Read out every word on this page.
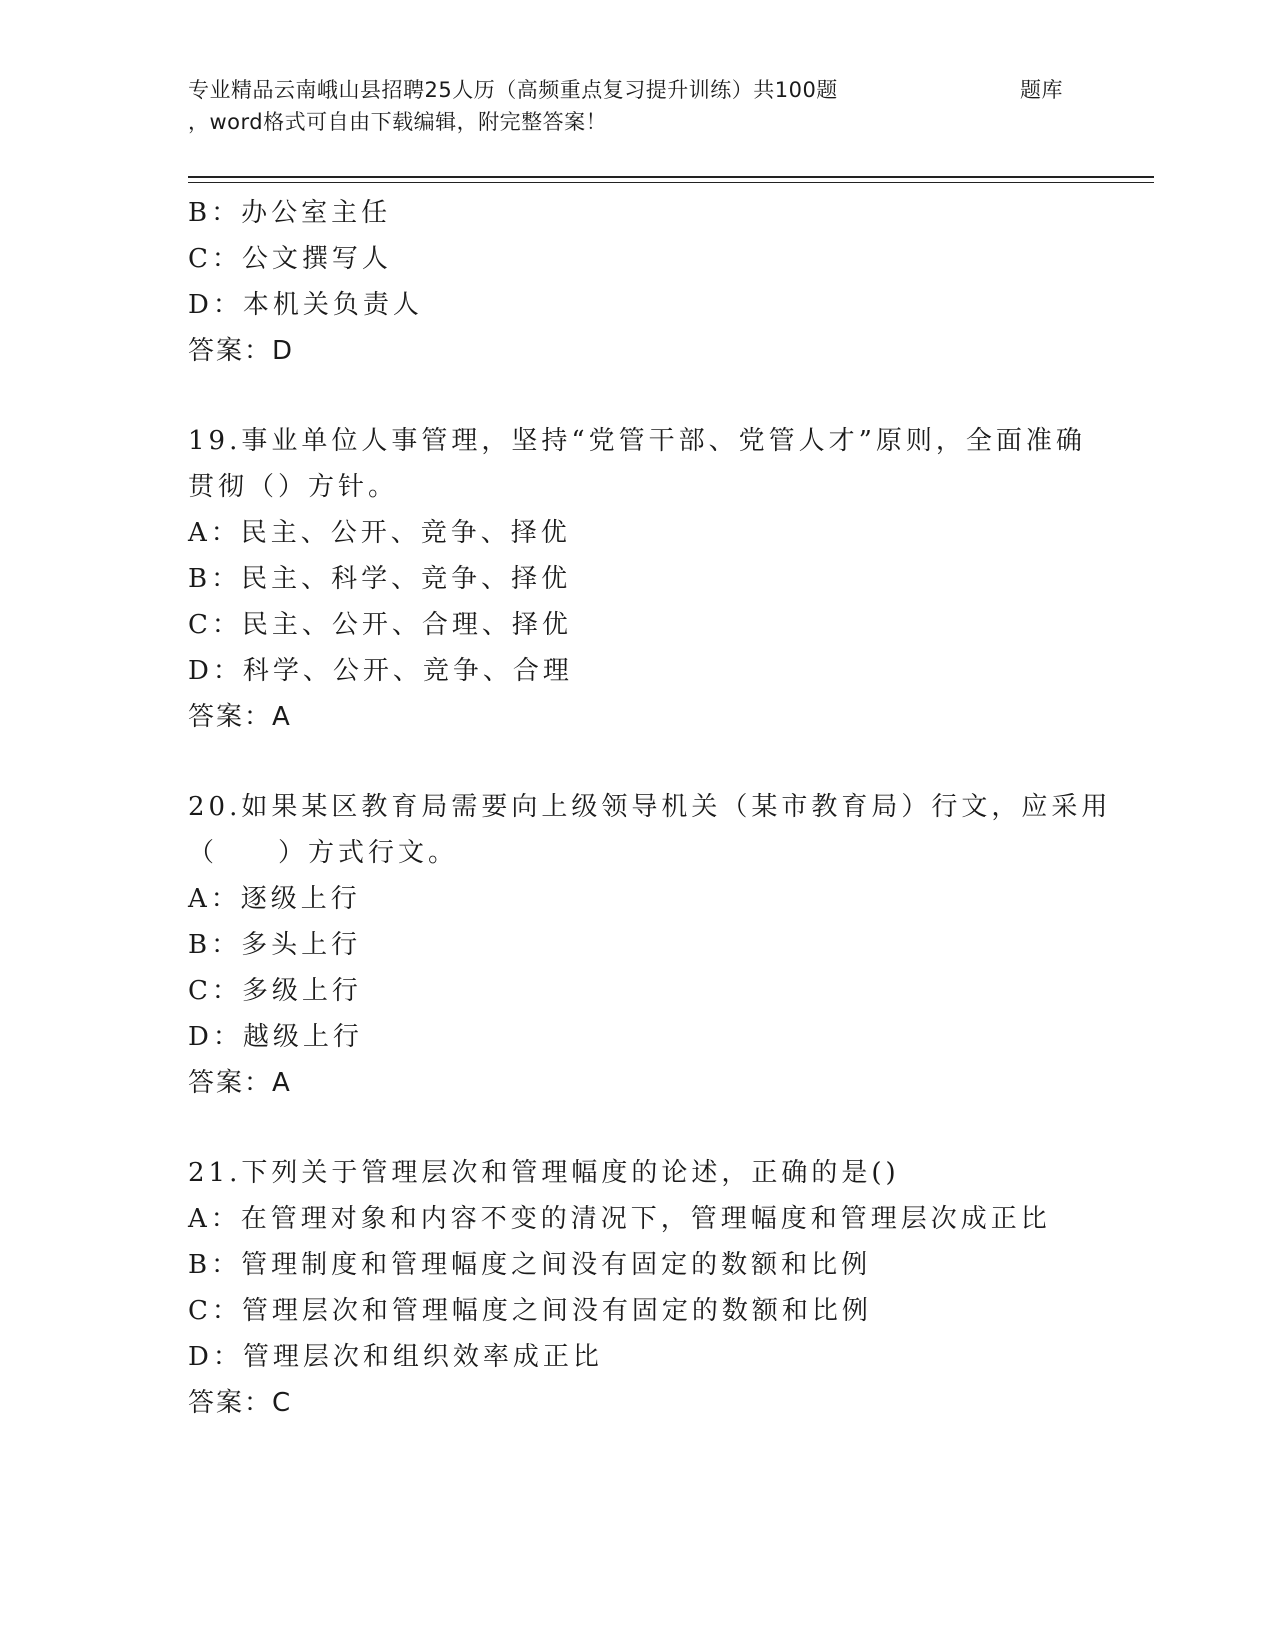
专业精品云南峨山县招聘25人历（高频重点复习提升训练）共100题	题库
，word格式可自由下载编辑，附完整答案！
B：办公室主任
C：公文撰写人
D：本机关负责人
答案：D
19.事业单位人事管理，坚持“党管干部、党管人才”原则，全面准确
贯彻（）方针。
A：民主、公开、竞争、择优
B：民主、科学、竞争、择优
C：民主、公开、合理、择优
D：科学、公开、竞争、合理
答案：A
20.如果某区教育局需要向上级领导机关（某市教育局）行文，应采用
（　　）方式行文。
A：逐级上行
B：多头上行
C：多级上行
D：越级上行
答案：A
21.下列关于管理层次和管理幅度的论述，正确的是()
A：在管理对象和内容不变的清况下，管理幅度和管理层次成正比
B：管理制度和管理幅度之间没有固定的数额和比例
C：管理层次和管理幅度之间没有固定的数额和比例
D：管理层次和组织效率成正比
答案：C
